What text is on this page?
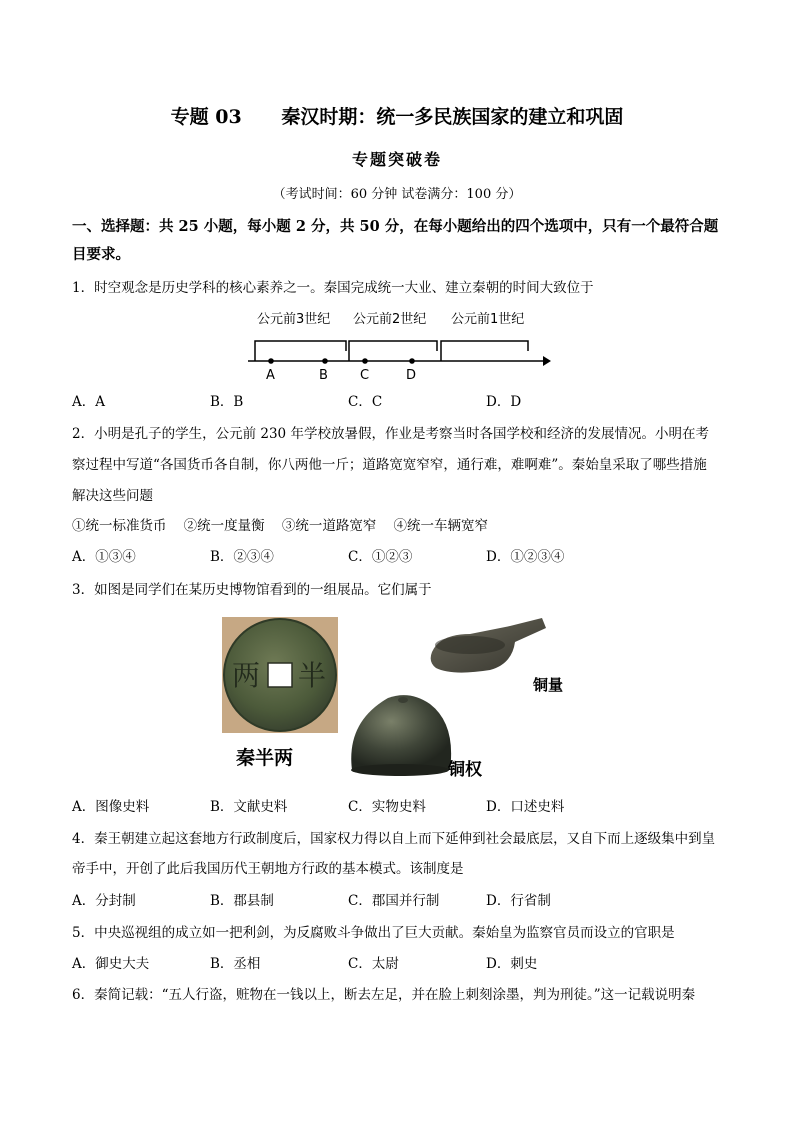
专题 03      秦汉时期：统一多民族国家的建立和巩固
专题突破卷
（考试时间：60 分钟 试卷满分：100 分）
一、选择题：共 25 小题，每小题 2 分，共 50 分，在每小题给出的四个选项中，只有一个最符合题目要求。
1．时空观念是历史学科的核心素养之一。秦国完成统一大业、建立秦朝的时间大致位于
公元前3世纪 公元前2世纪 公元前1世纪
A	B C	D
A．A	B．B	C．C	D．D
2．小明是孔子的学生，公元前 230 年学校放暑假，作业是考察当时各国学校和经济的发展情况。小明在考
察过程中写道“各国货币各自制，你八两他一斤；道路宽宽窄窄，通行难，难啊难”。秦始皇采取了哪些措施
解决这些问题
①统一标准货币    ②统一度量衡    ③统一道路宽窄    ④统一车辆宽窄
A．①③④	B．②③④	C．①②③	D．①②③④
3．如图是同学们在某历史博物馆看到的一组展品。它们属于
两 半
秦半两
铜量
铜权
A．图像史料	B．文献史料	C．实物史料	D．口述史料
4．秦王朝建立起这套地方行政制度后，国家权力得以自上而下延伸到社会最底层，又自下而上逐级集中到皇
帝手中，开创了此后我国历代王朝地方行政的基本模式。该制度是
A．分封制	B．郡县制	C．郡国并行制	D．行省制
5．中央巡视组的成立如一把利剑，为反腐败斗争做出了巨大贡献。秦始皇为监察官员而设立的官职是
A．御史大夫	B．丞相	C．太尉	D．刺史
6．秦简记载：“五人行盗，赃物在一钱以上，断去左足，并在脸上刺刻涂墨，判为刑徒。”这一记载说明秦
